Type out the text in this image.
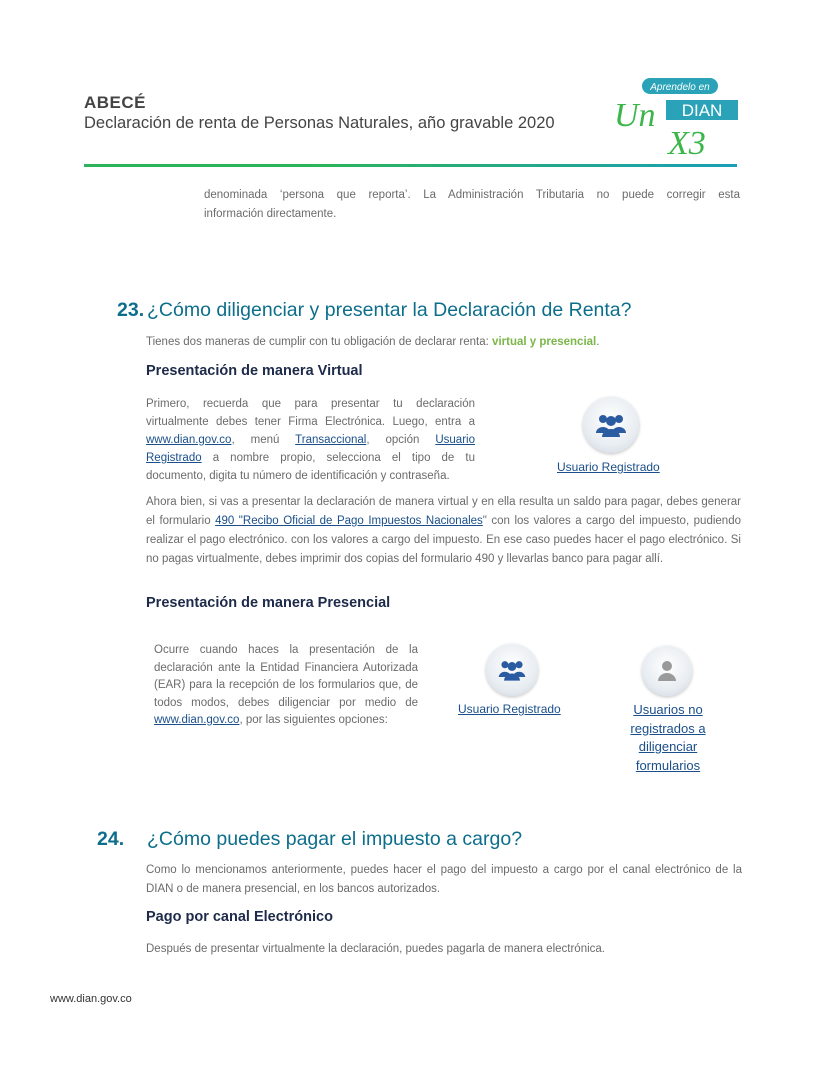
ABECÉ
Declaración de renta de Personas Naturales, año gravable 2020
Aprendelo en
Un DIAN
X3
denominada ‘persona que reporta’. La Administración Tributaria no puede corregir esta
información directamente.
23. ¿Cómo diligenciar y presentar la Declaración de Renta?
Tienes dos maneras de cumplir con tu obligación de declarar renta: virtual y presencial.
Presentación de manera Virtual
Primero, recuerda que para presentar tu declaración virtualmente debes tener Firma Electrónica. Luego, entra a www.dian.gov.co, menú Transaccional, opción Usuario Registrado a nombre propio, selecciona el tipo de tu documento, digita tu número de identificación y contraseña.
Usuario Registrado
Ahora bien, si vas a presentar la declaración de manera virtual y en ella resulta un saldo para pagar, debes generar el formulario 490 "Recibo Oficial de Pago Impuestos Nacionales" con los valores a cargo del impuesto, pudiendo realizar el pago electrónico. con los valores a cargo del impuesto. En ese caso puedes hacer el pago electrónico. Si no pagas virtualmente, debes imprimir dos copias del formulario 490 y llevarlas banco para pagar allí.
Presentación de manera Presencial
Ocurre cuando haces la presentación de la declaración ante la Entidad Financiera Autorizada (EAR) para la recepción de los formularios que, de todos modos, debes diligenciar por medio de www.dian.gov.co, por las siguientes opciones:
Usuario Registrado	Usuarios no registrados a diligenciar formularios
24. ¿Cómo puedes pagar el impuesto a cargo?
Como lo mencionamos anteriormente, puedes hacer el pago del impuesto a cargo por el canal electrónico de la DIAN o de manera presencial, en los bancos autorizados.
Pago por canal Electrónico
Después de presentar virtualmente la declaración, puedes pagarla de manera electrónica.
www.dian.gov.co
